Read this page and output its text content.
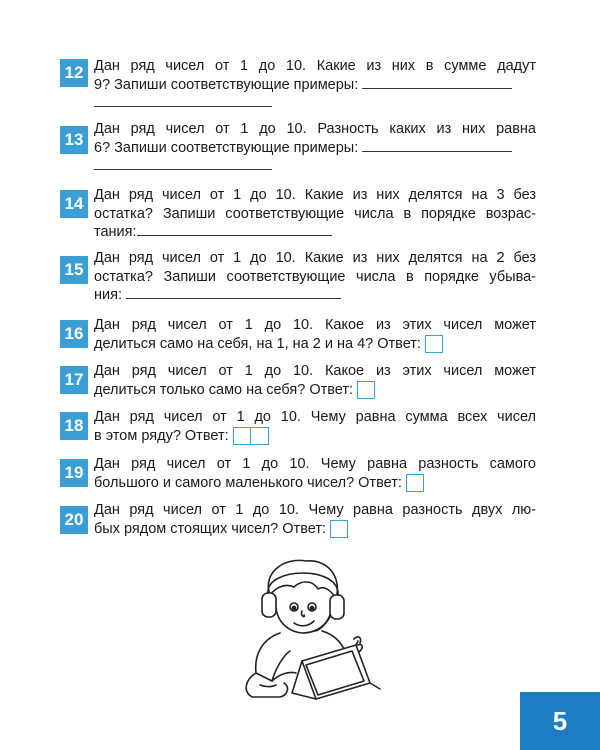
12 Дан ряд чисел от 1 до 10. Какие из них в сумме дадут
9? Запиши соответствующие примеры:
13
Дан ряд чисел от 1 до 10. Разность каких из них равна
6? Запиши соответствующие примеры:
14 Дан ряд чисел от 1 до 10. Какие из них делятся на 3 без
остатка? Запиши соответствующие числа в порядке возрас-
тания:
15
Дан ряд чисел от 1 до 10. Какие из них делятся на 2 без
остатка? Запиши соответствующие числа в порядке убыва-
ния:
16 Дан ряд чисел от 1 до 10. Какое из этих чисел может
делиться само на себя, на 1, на 2 и на 4? Ответ:
17 Дан ряд чисел от 1 до 10. Какое из этих чисел может
делиться только само на себя? Ответ:
18 Дан ряд чисел от 1 до 10. Чему равна сумма всех чисел
в этом ряду? Ответ:
19 Дан ряд чисел от 1 до 10. Чему равна разность самого
большого и самого маленького чисел? Ответ:
20 Дан ряд чисел от 1 до 10. Чему равна разность двух лю-
бых рядом стоящих чисел? Ответ:
5
